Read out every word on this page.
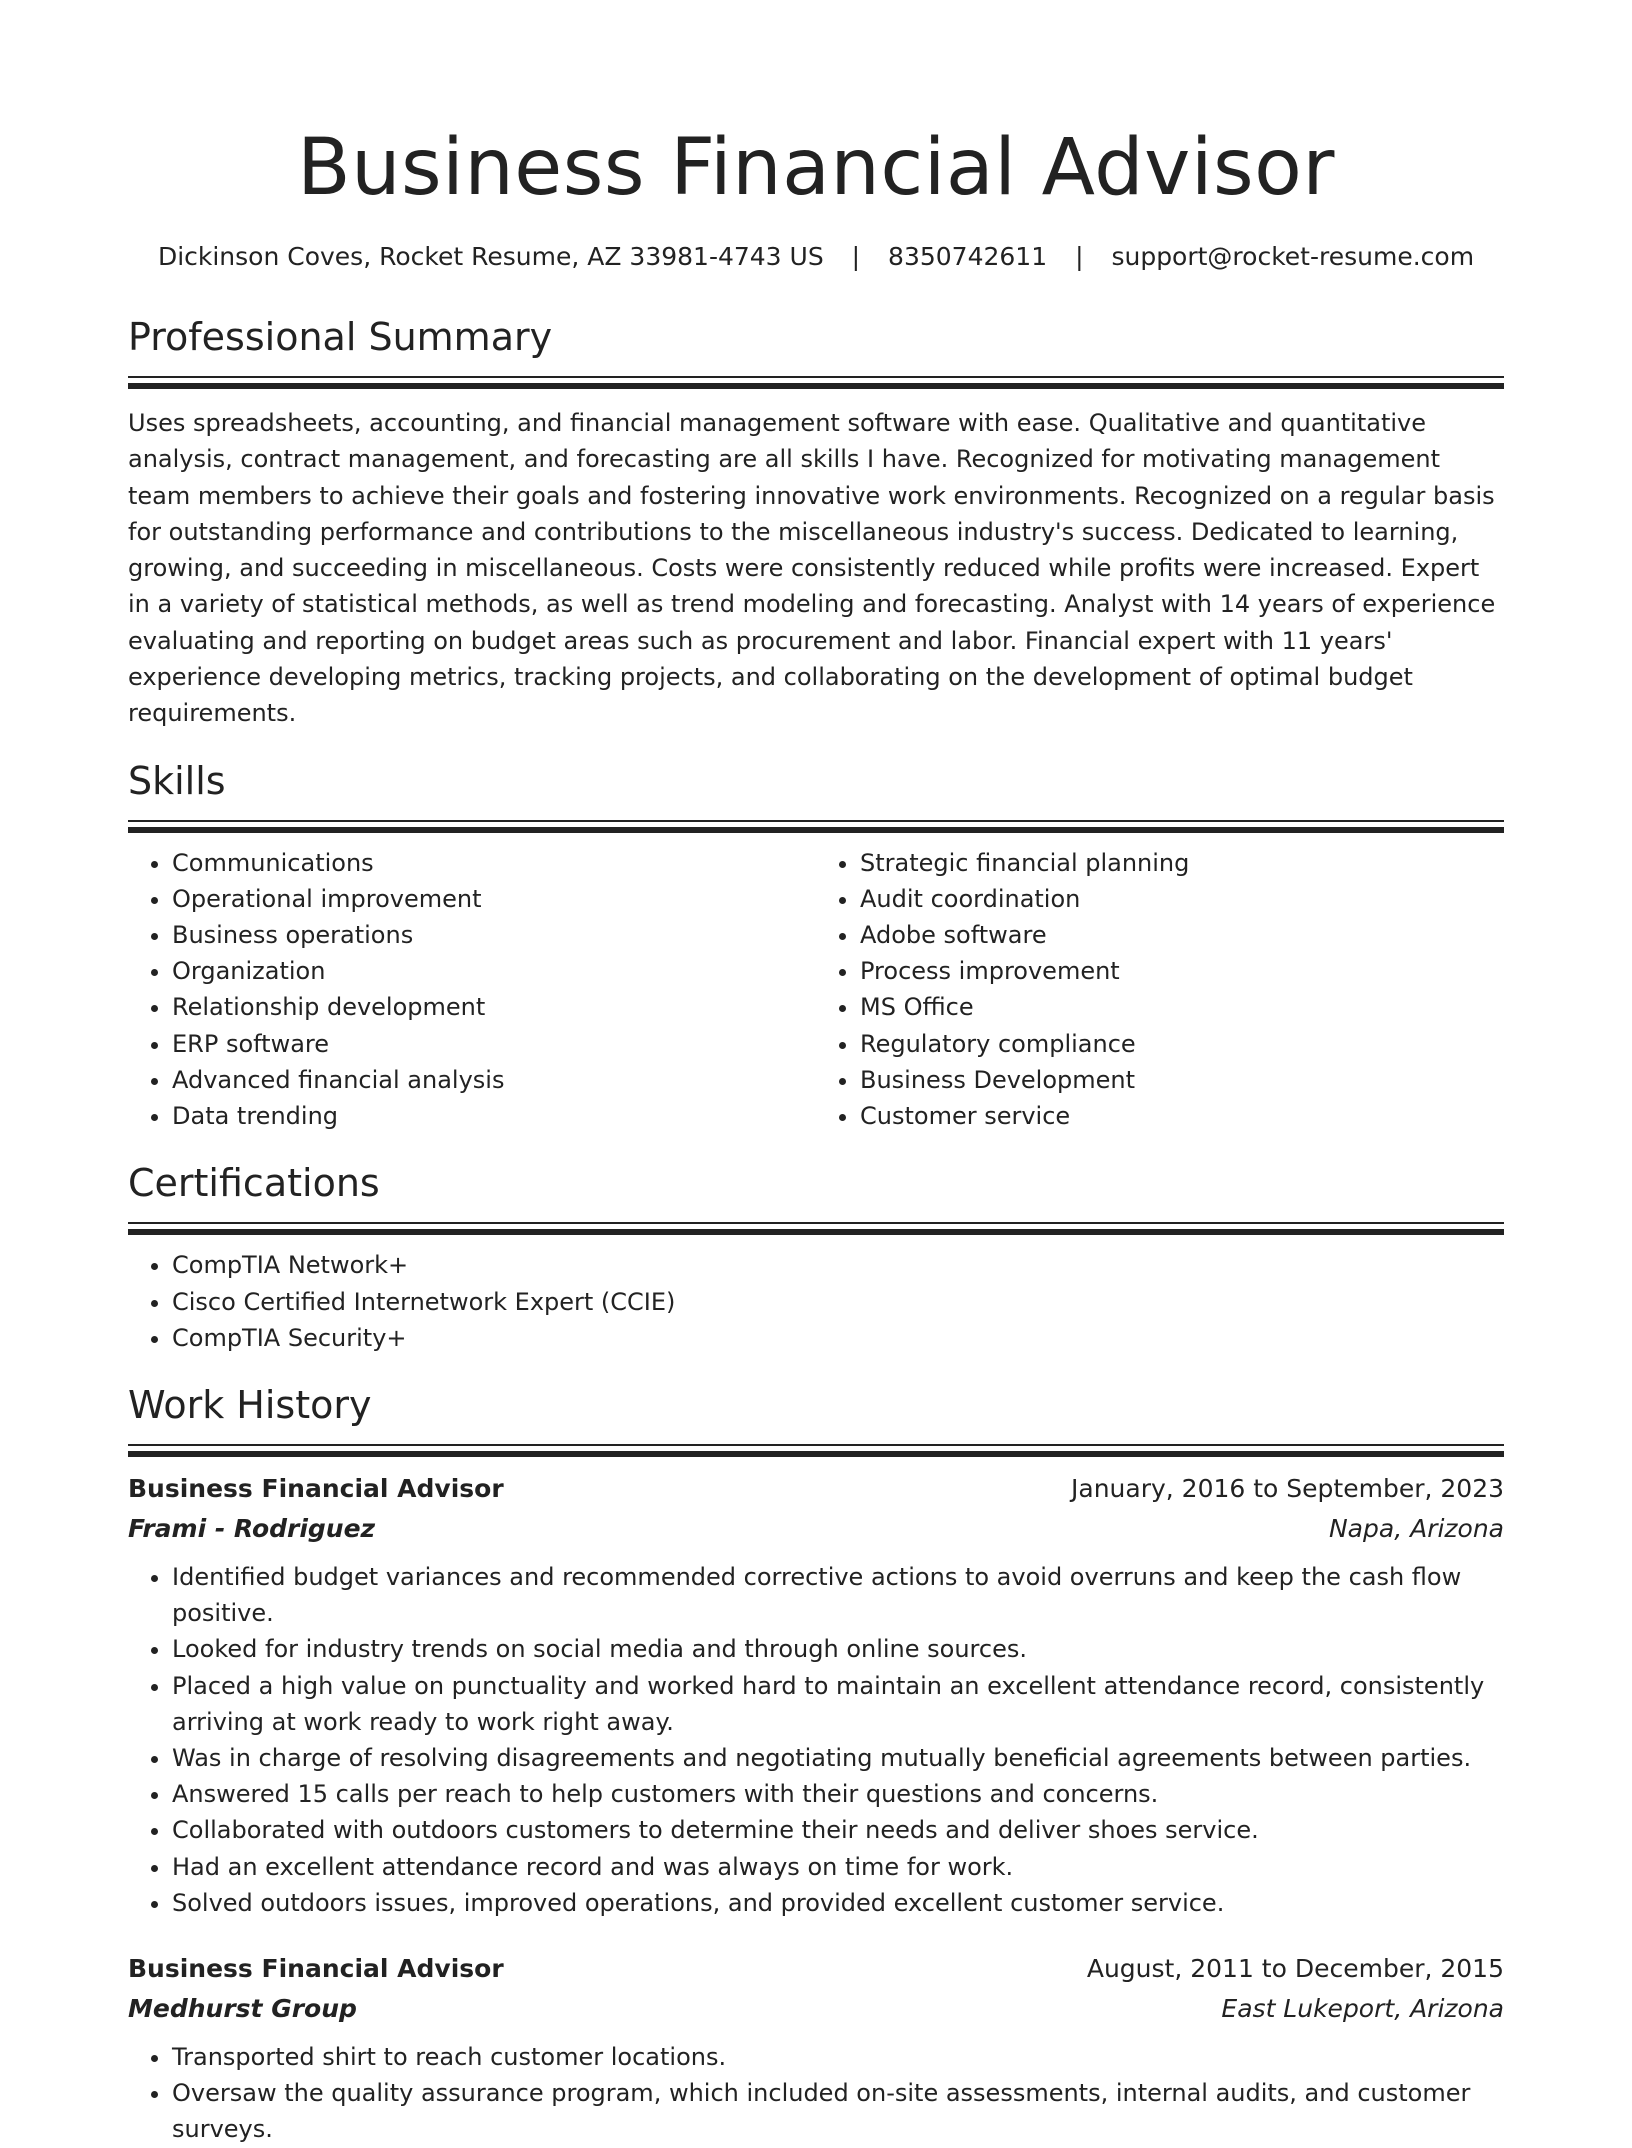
Business Financial Advisor
Dickinson Coves, Rocket Resume, AZ 33981-4743 US | 8350742611 | support@rocket-resume.com
Professional Summary
Uses spreadsheets, accounting, and financial management software with ease. Qualitative and quantitative analysis, contract management, and forecasting are all skills I have. Recognized for motivating management team members to achieve their goals and fostering innovative work environments. Recognized on a regular basis for outstanding performance and contributions to the miscellaneous industry's success. Dedicated to learning, growing, and succeeding in miscellaneous. Costs were consistently reduced while profits were increased. Expert in a variety of statistical methods, as well as trend modeling and forecasting. Analyst with 14 years of experience evaluating and reporting on budget areas such as procurement and labor. Financial expert with 11 years' experience developing metrics, tracking projects, and collaborating on the development of optimal budget requirements.
Skills
• Communications
• Operational improvement
• Business operations
• Organization
• Relationship development
• ERP software
• Advanced financial analysis
• Data trending
• Strategic financial planning
• Audit coordination
• Adobe software
• Process improvement
• MS Office
• Regulatory compliance
• Business Development
• Customer service
Certifications
• CompTIA Network+
• Cisco Certified Internetwork Expert (CCIE)
• CompTIA Security+
Work History
Business Financial Advisor	January, 2016 to September, 2023
Frami - Rodriguez	Napa, Arizona
• Identified budget variances and recommended corrective actions to avoid overruns and keep the cash flow positive.
• Looked for industry trends on social media and through online sources.
• Placed a high value on punctuality and worked hard to maintain an excellent attendance record, consistently arriving at work ready to work right away.
• Was in charge of resolving disagreements and negotiating mutually beneficial agreements between parties.
• Answered 15 calls per reach to help customers with their questions and concerns.
• Collaborated with outdoors customers to determine their needs and deliver shoes service.
• Had an excellent attendance record and was always on time for work.
• Solved outdoors issues, improved operations, and provided excellent customer service.
Business Financial Advisor	August, 2011 to December, 2015
Medhurst Group	East Lukeport, Arizona
• Transported shirt to reach customer locations.
• Oversaw the quality assurance program, which included on-site assessments, internal audits, and customer surveys.
